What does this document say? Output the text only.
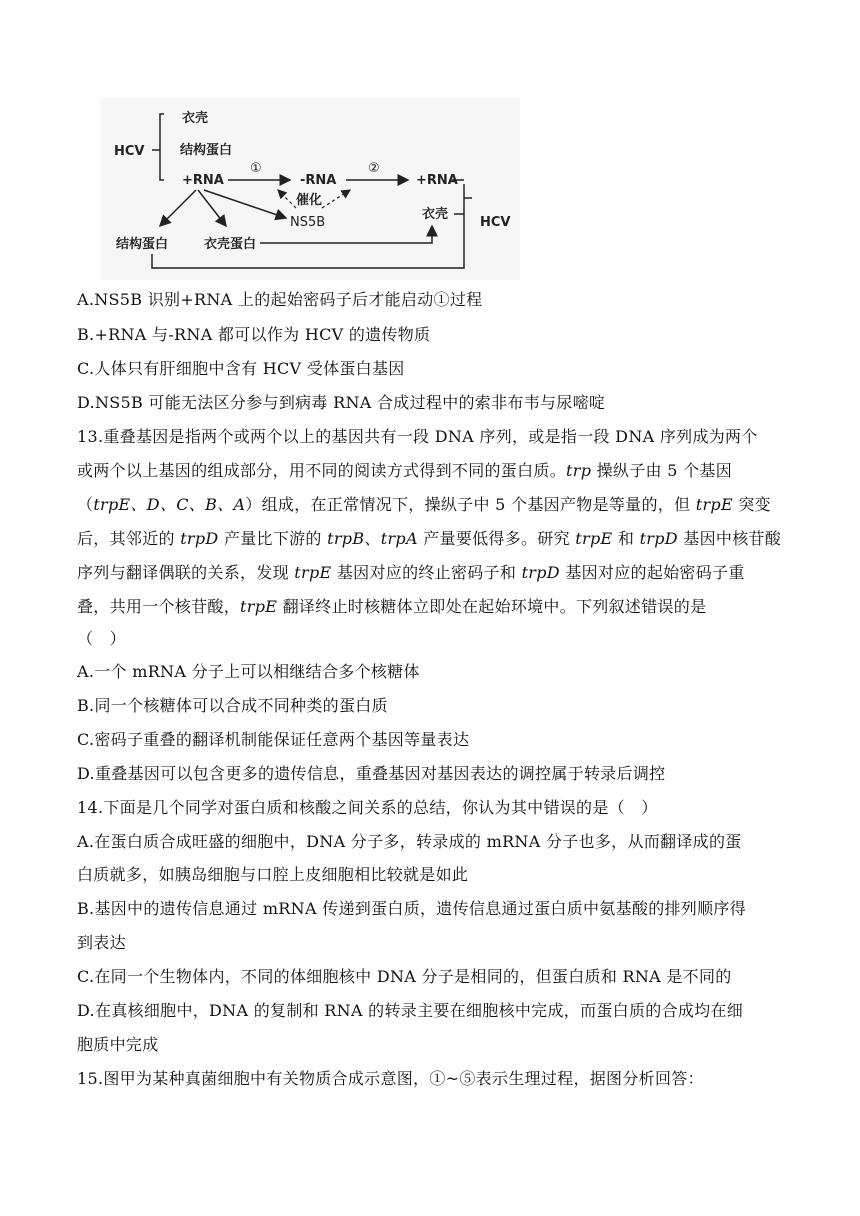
HCV
衣壳
结构蛋白
+RNA
①
-RNA
②
+RNA
催化
NS5B
结构蛋白	衣壳蛋白
衣壳
HCV
A.NS5B 识别+RNA 上的起始密码子后才能启动①过程
B.+RNA 与-RNA 都可以作为 HCV 的遗传物质
C.人体只有肝细胞中含有 HCV 受体蛋白基因
D.NS5B 可能无法区分参与到病毒 RNA 合成过程中的索非布韦与尿嘧啶
13.重叠基因是指两个或两个以上的基因共有一段 DNA 序列，或是指一段 DNA 序列成为两个
或两个以上基因的组成部分，用不同的阅读方式得到不同的蛋白质。trp 操纵子由 5 个基因
（trpE、D、C、B、A）组成，在正常情况下，操纵子中 5 个基因产物是等量的，但 trpE 突变
后，其邻近的 trpD 产量比下游的 trpB、trpA 产量要低得多。研究 trpE 和 trpD 基因中核苷酸
序列与翻译偶联的关系，发现 trpE 基因对应的终止密码子和 trpD 基因对应的起始密码子重
叠，共用一个核苷酸，trpE 翻译终止时核糖体立即处在起始环境中。下列叙述错误的是
（　）
A.一个 mRNA 分子上可以相继结合多个核糖体
B.同一个核糖体可以合成不同种类的蛋白质
C.密码子重叠的翻译机制能保证任意两个基因等量表达
D.重叠基因可以包含更多的遗传信息，重叠基因对基因表达的调控属于转录后调控
14.下面是几个同学对蛋白质和核酸之间关系的总结，你认为其中错误的是（　）
A.在蛋白质合成旺盛的细胞中，DNA 分子多，转录成的 mRNA 分子也多，从而翻译成的蛋
白质就多，如胰岛细胞与口腔上皮细胞相比较就是如此
B.基因中的遗传信息通过 mRNA 传递到蛋白质，遗传信息通过蛋白质中氨基酸的排列顺序得
到表达
C.在同一个生物体内，不同的体细胞核中 DNA 分子是相同的，但蛋白质和 RNA 是不同的
D.在真核细胞中，DNA 的复制和 RNA 的转录主要在细胞核中完成，而蛋白质的合成均在细
胞质中完成
15.图甲为某种真菌细胞中有关物质合成示意图，①~⑤表示生理过程，据图分析回答：
